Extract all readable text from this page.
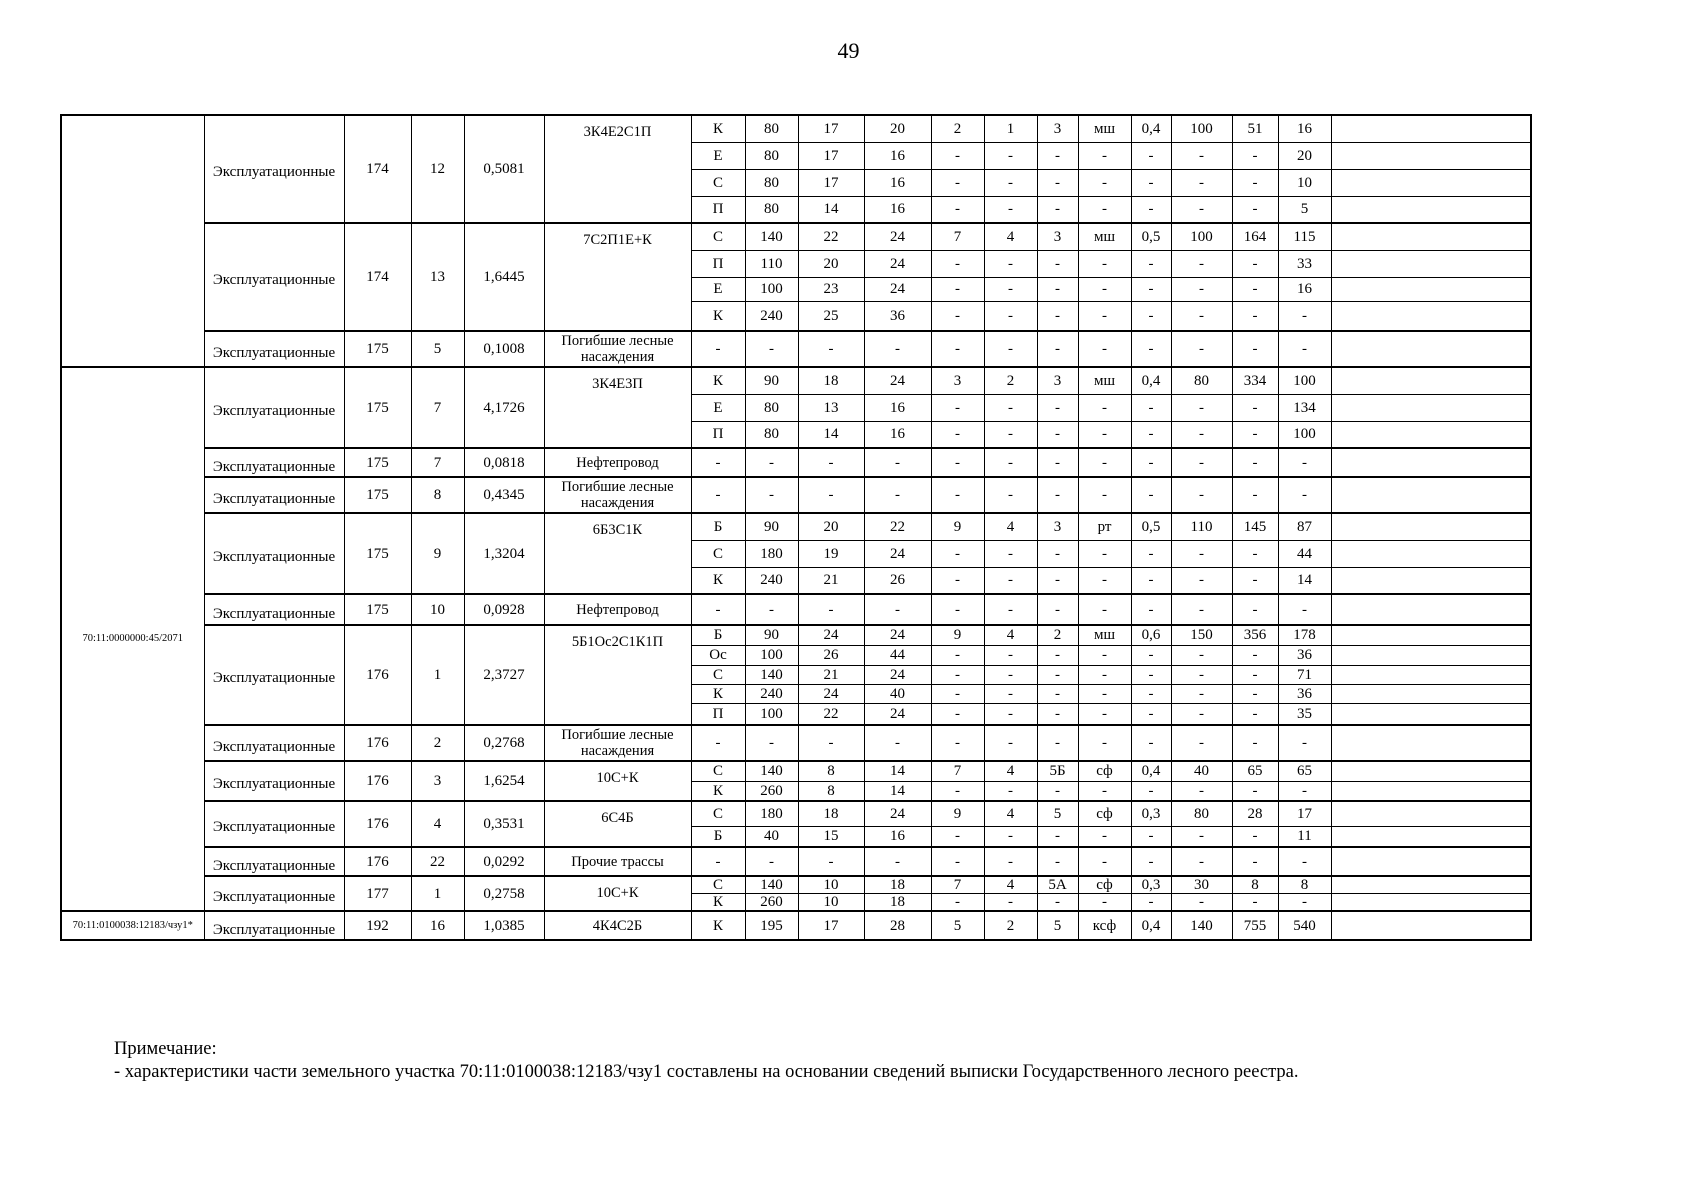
49
	Эксплуатационные	174	12	0,5081	3К4Е2С1П	К	80	17	20	2	1	3	мш	0,4	100	51	16	
						Е	80	17	16	-	-	-	-	-	-	-	20	
						С	80	17	16	-	-	-	-	-	-	-	10	
						П	80	14	16	-	-	-	-	-	-	-	5	
	Эксплуатационные	174	13	1,6445	7С2П1Е+К	С	140	22	24	7	4	3	мш	0,5	100	164	115	
						П	110	20	24	-	-	-	-	-	-	-	33	
						Е	100	23	24	-	-	-	-	-	-	-	16	
						К	240	25	36	-	-	-	-	-	-	-	-	
	Эксплуатационные	175	5	0,1008	Погибшие лесные насаждения	-	-	-	-	-	-	-	-	-	-	-	-	
70:11:0000000:45/2071	Эксплуатационные	175	7	4,1726	3К4Е3П	К	90	18	24	3	2	3	мш	0,4	80	334	100	
						Е	80	13	16	-	-	-	-	-	-	-	134	
						П	80	14	16	-	-	-	-	-	-	-	100	
	Эксплуатационные	175	7	0,0818	Нефтепровод	-	-	-	-	-	-	-	-	-	-	-	-	
	Эксплуатационные	175	8	0,4345	Погибшие лесные насаждения	-	-	-	-	-	-	-	-	-	-	-	-	
	Эксплуатационные	175	9	1,3204	6Б3С1К	Б	90	20	22	9	4	3	рт	0,5	110	145	87	
						С	180	19	24	-	-	-	-	-	-	-	44	
						К	240	21	26	-	-	-	-	-	-	-	14	
	Эксплуатационные	175	10	0,0928	Нефтепровод	-	-	-	-	-	-	-	-	-	-	-	-	
	Эксплуатационные	176	1	2,3727	5Б1Ос2С1К1П	Б	90	24	24	9	4	2	мш	0,6	150	356	178	
						Ос	100	26	44	-	-	-	-	-	-	-	36	
						С	140	21	24	-	-	-	-	-	-	-	71	
						К	240	24	40	-	-	-	-	-	-	-	36	
						П	100	22	24	-	-	-	-	-	-	-	35	
	Эксплуатационные	176	2	0,2768	Погибшие лесные насаждения	-	-	-	-	-	-	-	-	-	-	-	-	
	Эксплуатационные	176	3	1,6254	10С+К	С	140	8	14	7	4	5Б	сф	0,4	40	65	65	
						К	260	8	14	-	-	-	-	-	-	-	-	
	Эксплуатационные	176	4	0,3531	6С4Б	С	180	18	24	9	4	5	сф	0,3	80	28	17	
						Б	40	15	16	-	-	-	-	-	-	-	11	
	Эксплуатационные	176	22	0,0292	Прочие трассы	-	-	-	-	-	-	-	-	-	-	-	-	
	Эксплуатационные	177	1	0,2758	10С+К	С	140	10	18	7	4	5А	сф	0,3	30	8	8	
						К	260	10	18	-	-	-	-	-	-	-	-	
70:11:0100038:12183/чзу1*	Эксплуатационные	192	16	1,0385	4К4С2Б	К	195	17	28	5	2	5	ксф	0,4	140	755	540	
Примечание:
- характеристики части земельного участка 70:11:0100038:12183/чзу1 составлены на основании сведений выписки Государственного лесного реестра.
